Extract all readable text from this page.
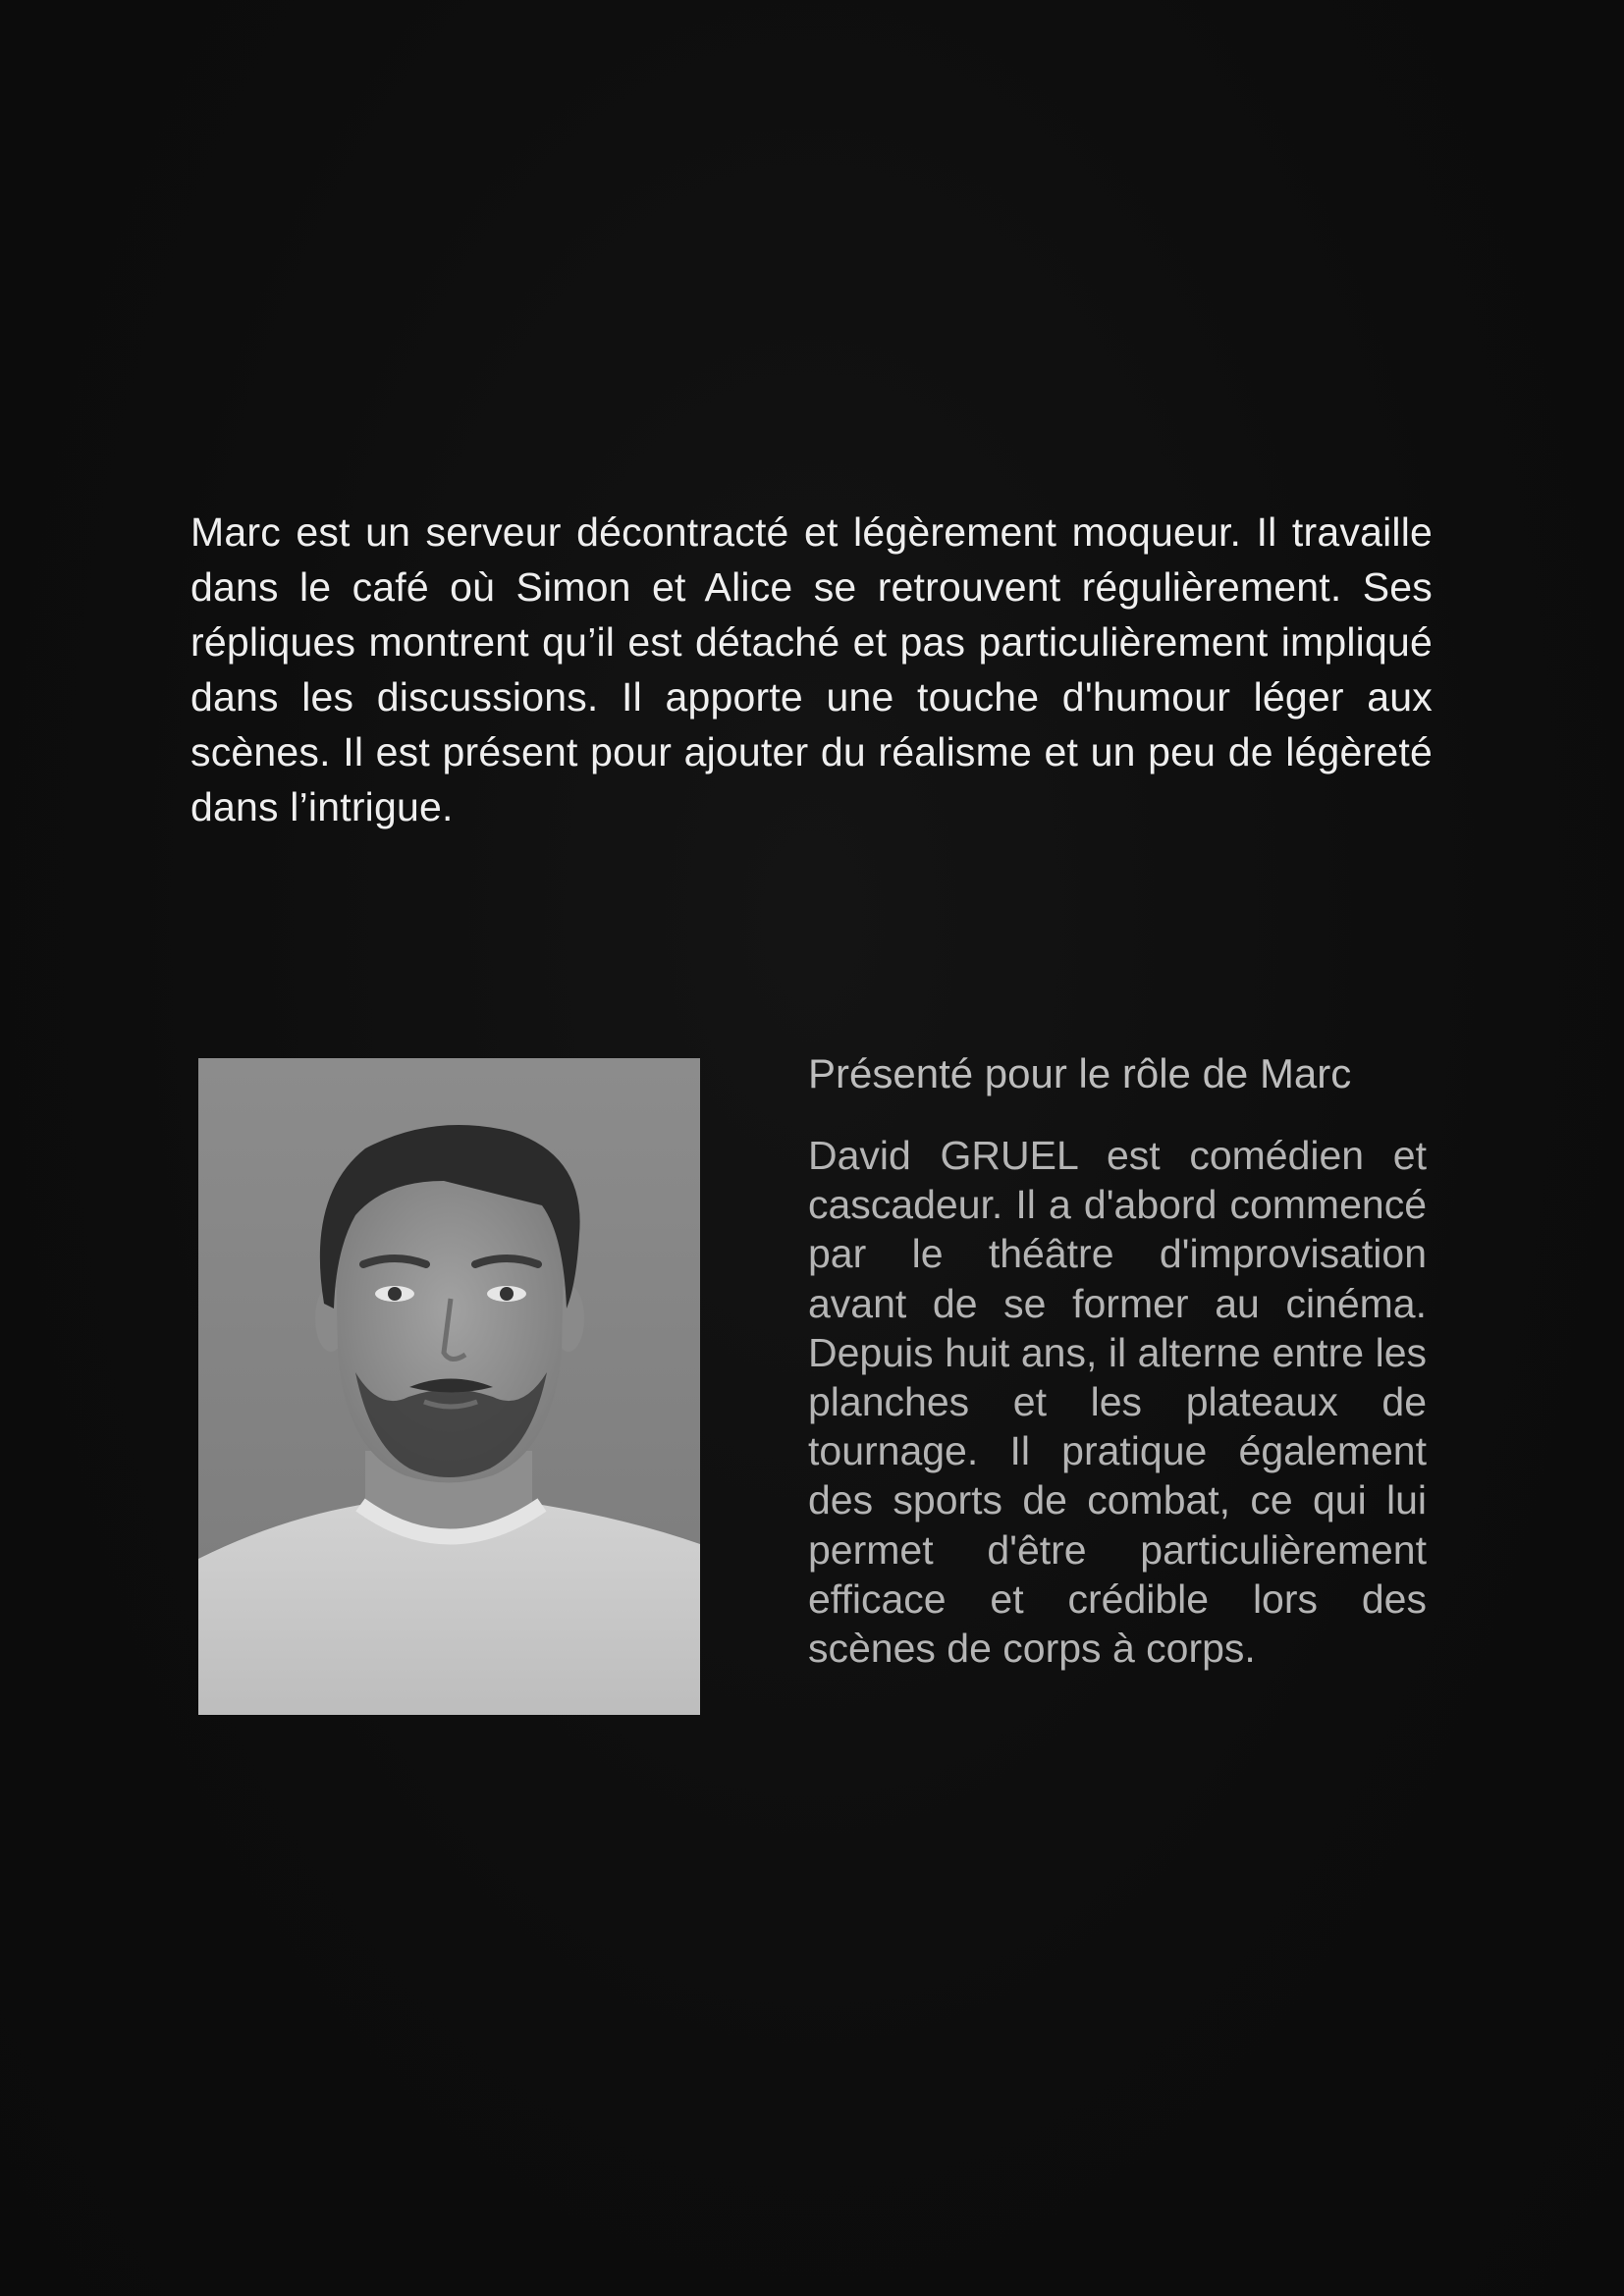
Marc est un serveur décontracté et légèrement moqueur. Il travaille dans le café où Simon et Alice se retrouvent régulièrement. Ses répliques montrent qu’il est détaché et pas particulièrement impliqué dans les discussions. Il apporte une touche d'humour léger aux scènes. Il est présent pour ajouter du réalisme et un peu de légèreté dans l’intrigue.

Présenté pour le rôle de Marc

David GRUEL est comédien et cascadeur. Il a d'abord commencé par le théâtre d'improvisation avant de se former au cinéma. Depuis huit ans, il alterne entre les planches et les plateaux de tournage. Il pratique également des sports de combat, ce qui lui permet d'être particulièrement efficace et crédible lors des scènes de corps à corps.
